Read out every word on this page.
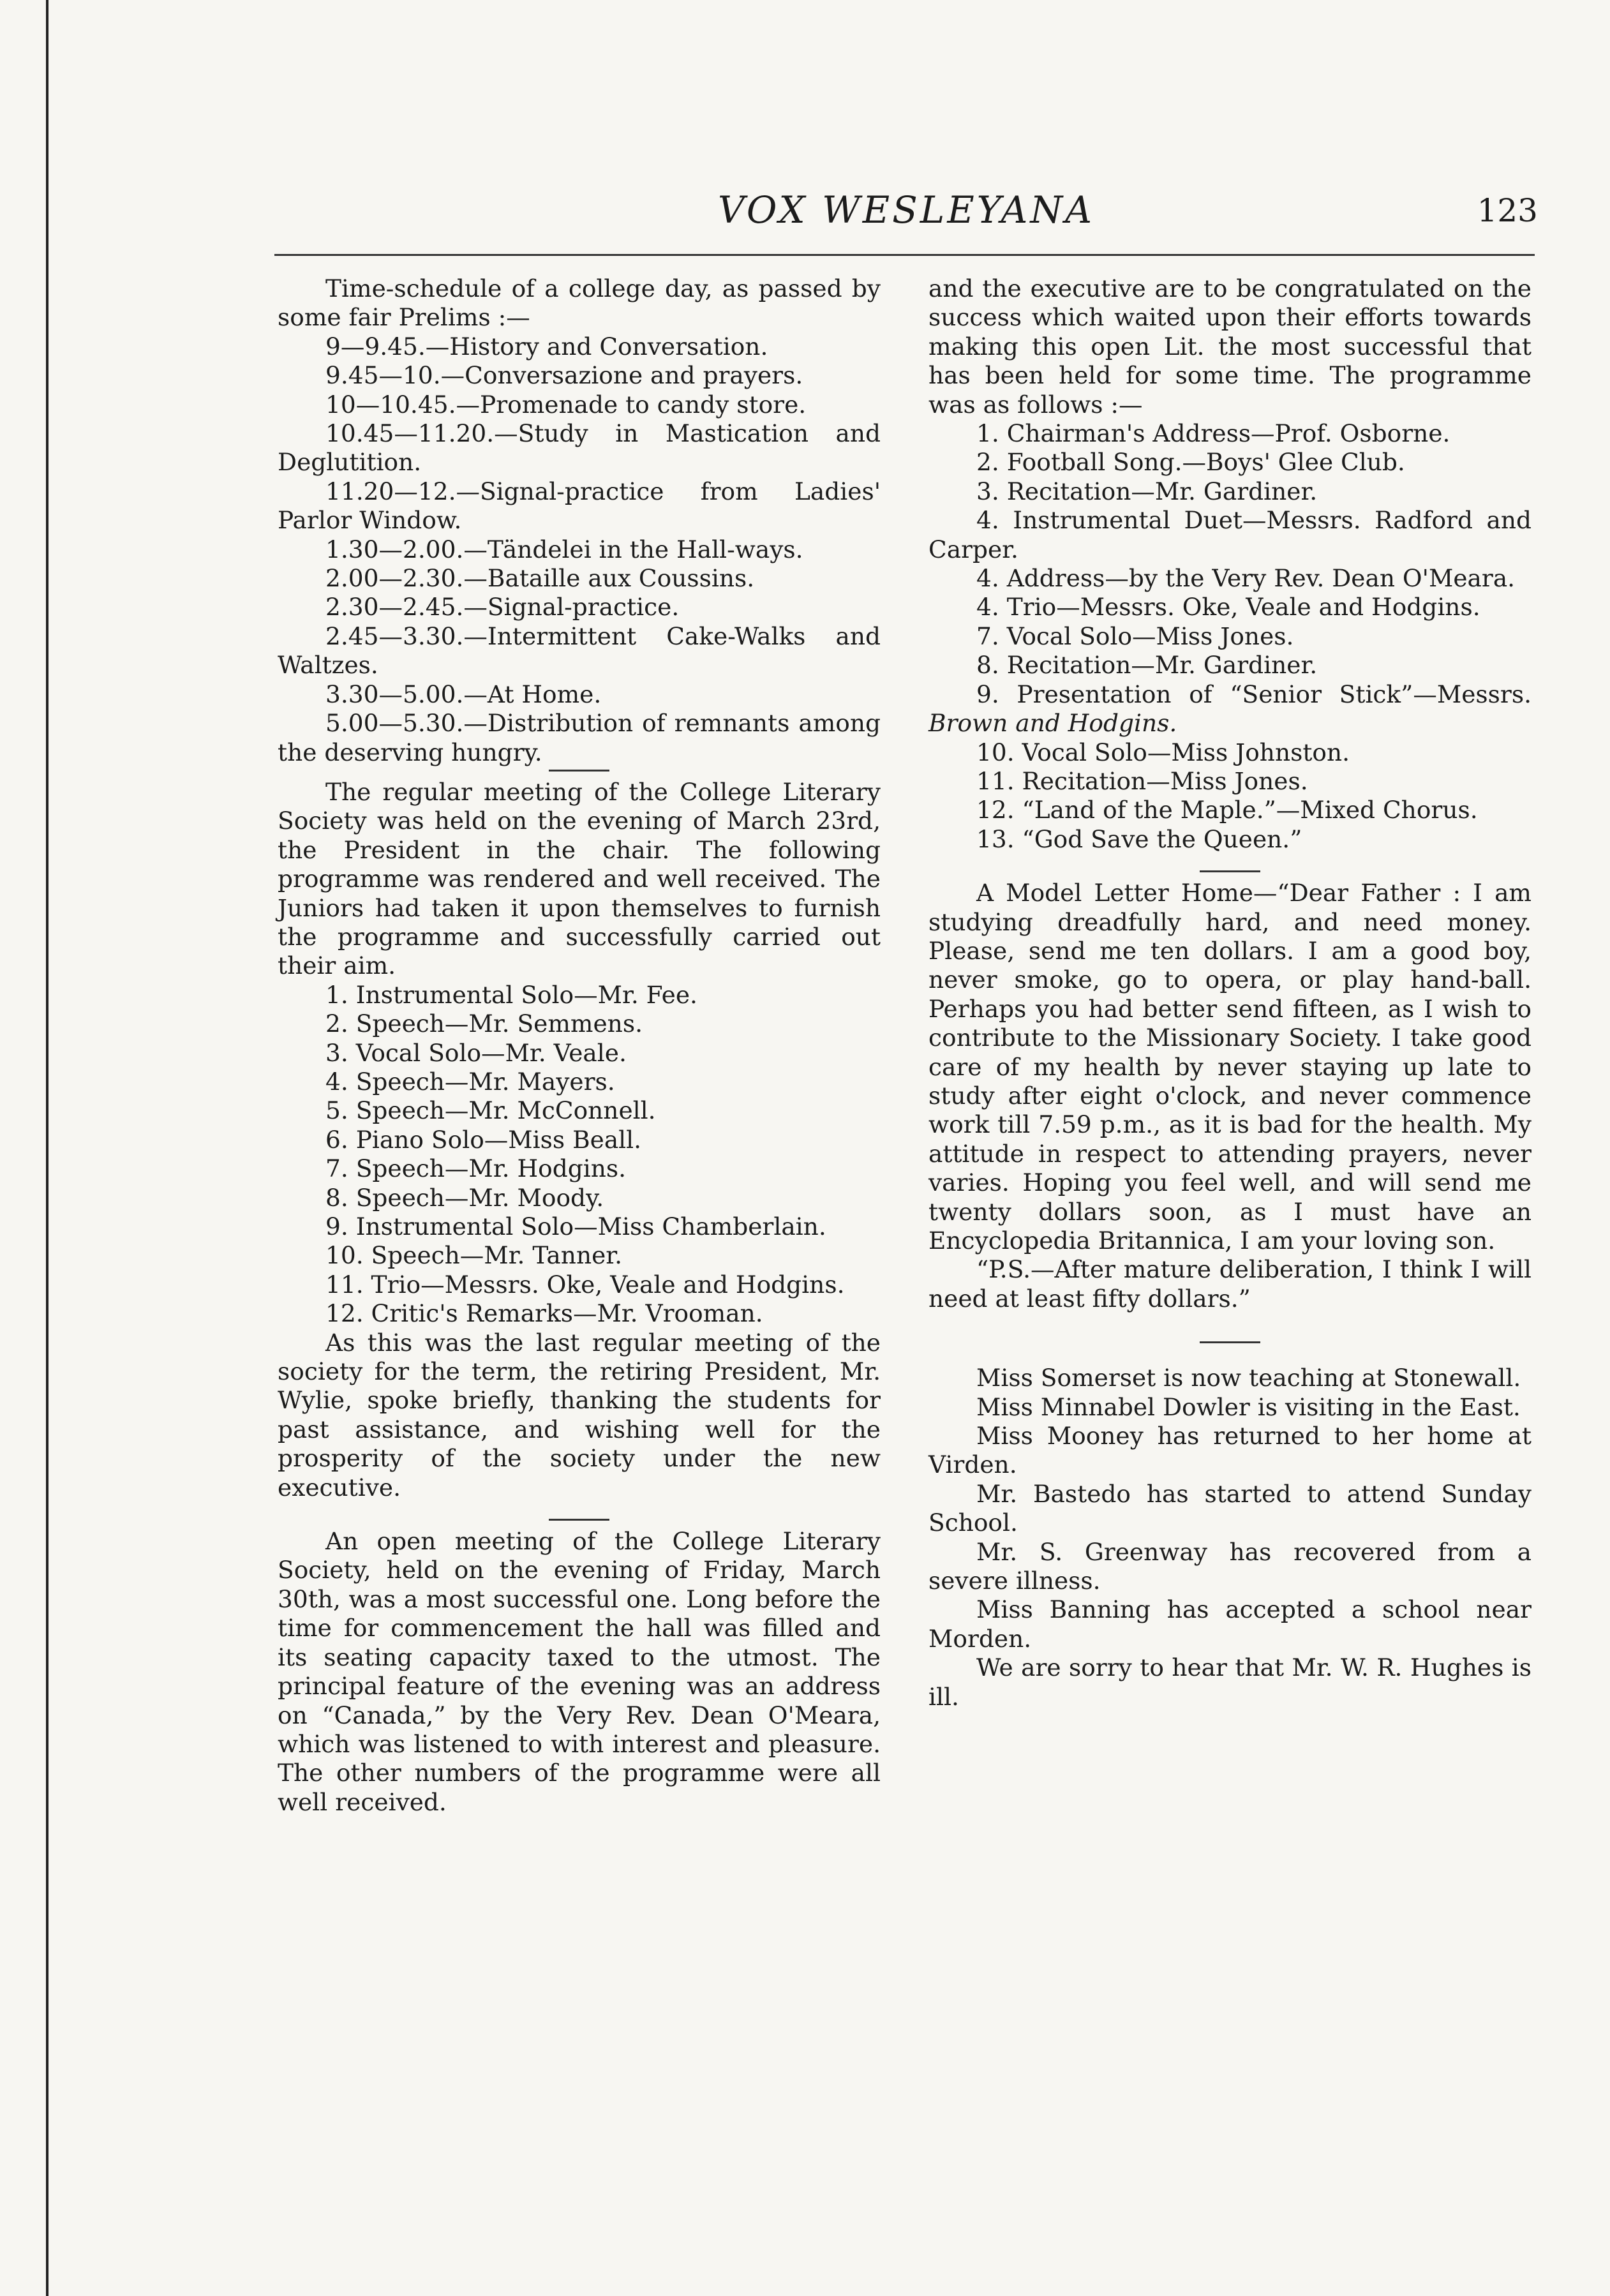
VOX WESLEYANA	123

Time-schedule of a college day, as passed by some fair Prelims :—

9—9.45.—History and Conversation.

9.45—10.—Conversazione and prayers.

10—10.45.—Promenade to candy store.

10.45—11.20.—Study in Mastication and Deglutition.

11.20—12.—Signal-practice from Ladies' Parlor Window.

1.30—2.00.—Tändelei in the Hall-ways.

2.00—2.30.—Bataille aux Coussins.

2.30—2.45.—Signal-practice.

2.45—3.30.—Intermittent Cake-Walks and Waltzes.

3.30—5.00.—At Home.

5.00—5.30.—Distribution of remnants among the deserving hungry.

The regular meeting of the College Literary Society was held on the evening of March 23rd, the President in the chair. The following programme was rendered and well received. The Juniors had taken it upon themselves to furnish the programme and successfully carried out their aim.

1. Instrumental Solo—Mr. Fee.

2. Speech—Mr. Semmens.

3. Vocal Solo—Mr. Veale.

4. Speech—Mr. Mayers.

5. Speech—Mr. McConnell.

6. Piano Solo—Miss Beall.

7. Speech—Mr. Hodgins.

8. Speech—Mr. Moody.

9. Instrumental Solo—Miss Chamberlain.

10. Speech—Mr. Tanner.

11. Trio—Messrs. Oke, Veale and Hodgins.

12. Critic's Remarks—Mr. Vrooman.

As this was the last regular meeting of the society for the term, the retiring President, Mr. Wylie, spoke briefly, thanking the students for past assistance, and wishing well for the prosperity of the society under the new executive.

An open meeting of the College Literary Society, held on the evening of Friday, March 30th, was a most successful one. Long before the time for commencement the hall was filled and its seating capacity taxed to the utmost. The principal feature of the evening was an address on “Canada,” by the Very Rev. Dean O'Meara, which was listened to with interest and pleasure. The other numbers of the programme were all well received.

and the executive are to be congratulated on the success which waited upon their efforts towards making this open Lit. the most successful that has been held for some time. The programme was as follows :—

1. Chairman's Address—Prof. Osborne.

2. Football Song.—Boys' Glee Club.

3. Recitation—Mr. Gardiner.

4. Instrumental Duet—Messrs. Radford and Carper.

4. Address—by the Very Rev. Dean O'Meara.

4. Trio—Messrs. Oke, Veale and Hodgins.

7. Vocal Solo—Miss Jones.

8. Recitation—Mr. Gardiner.

9. Presentation of “Senior Stick”—Messrs. Brown and Hodgins.

10. Vocal Solo—Miss Johnston.

11. Recitation—Miss Jones.

12. “Land of the Maple.”—Mixed Chorus.

13. “God Save the Queen.”

A Model Letter Home—“Dear Father : I am studying dreadfully hard, and need money. Please, send me ten dollars. I am a good boy, never smoke, go to opera, or play hand-ball. Perhaps you had better send fifteen, as I wish to contribute to the Missionary Society. I take good care of my health by never staying up late to study after eight o'clock, and never commence work till 7.59 p.m., as it is bad for the health. My attitude in respect to attending prayers, never varies. Hoping you feel well, and will send me twenty dollars soon, as I must have an Encyclopedia Britannica, I am your loving son.

“P.S.—After mature deliberation, I think I will need at least fifty dollars.”

Miss Somerset is now teaching at Stonewall.

Miss Minnabel Dowler is visiting in the East.

Miss Mooney has returned to her home at Virden.

Mr. Bastedo has started to attend Sunday School.

Mr. S. Greenway has recovered from a severe illness.

Miss Banning has accepted a school near Morden.

We are sorry to hear that Mr. W. R. Hughes is ill.
